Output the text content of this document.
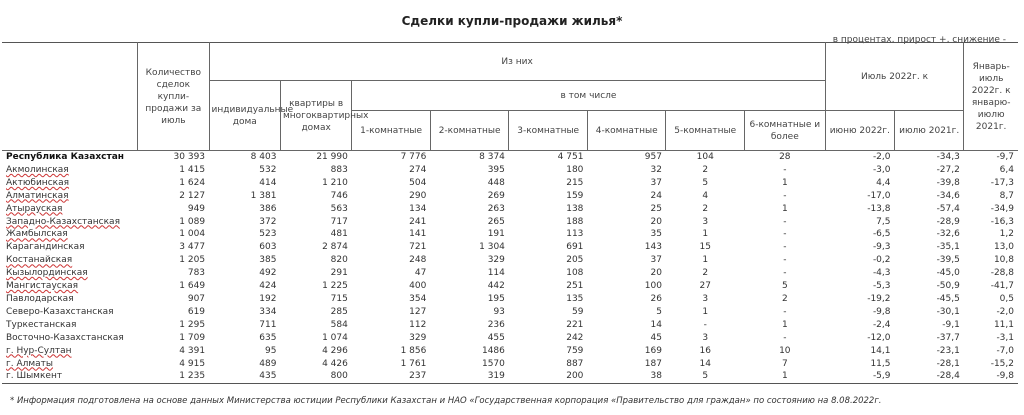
Сделки купли-продажи жилья*
в процентах, прирост +, снижение -
	Количество сделок купли-продажи за июль	Из них								Июль 2022г. к		Январь-июль 2022г. к январю-июлю 2021г.
		индивидуальные дома	квартиры в многоквартирных домах	в том числе								
				1-комнатные	2-комнатные	3-комнатные	4-комнатные	5-комнатные	6-комнатные и более	июню 2022г.	июлю 2021г.	
Республика Казахстан	30 393	8 403	21 990	7 776	8 374	4 751	957	104	28	-2,0	-34,3	-9,7
Акмолинская	1 415	532	883	274	395	180	32	2	-	-3,0	-27,2	6,4
Актюбинская	1 624	414	1 210	504	448	215	37	5	1	4,4	-39,8	-17,3
Алматинская	2 127	1 381	746	290	269	159	24	4	-	-17,0	-34,6	8,7
Атырауская	949	386	563	134	263	138	25	2	1	-13,8	-57,4	-34,9
Западно-Казахстанская	1 089	372	717	241	265	188	20	3	-	7,5	-28,9	-16,3
Жамбылская	1 004	523	481	141	191	113	35	1	-	-6,5	-32,6	1,2
Карагандинская	3 477	603	2 874	721	1 304	691	143	15	-	-9,3	-35,1	13,0
Костанайская	1 205	385	820	248	329	205	37	1	-	-0,2	-39,5	10,8
Кызылординская	783	492	291	47	114	108	20	2	-	-4,3	-45,0	-28,8
Мангистауская	1 649	424	1 225	400	442	251	100	27	5	-5,3	-50,9	-41,7
Павлодарская	907	192	715	354	195	135	26	3	2	-19,2	-45,5	0,5
Северо-Казахстанская	619	334	285	127	93	59	5	1	-	-9,8	-30,1	-2,0
Туркестанская	1 295	711	584	112	236	221	14	-	1	-2,4	-9,1	11,1
Восточно-Казахстанская	1 709	635	1 074	329	455	242	45	3	-	-12,0	-37,7	-3,1
г. Нур-Султан	4 391	95	4 296	1 856	1486	759	169	16	10	14,1	-23,1	-7,0
г. Алматы	4 915	489	4 426	1 761	1570	887	187	14	7	11,5	-28,1	-15,2
г. Шымкент	1 235	435	800	237	319	200	38	5	1	-5,9	-28,4	-9,8
* Информация подготовлена на основе данных Министерства юстиции Республики Казахстан и НАО «Государственная корпорация «Правительство для граждан» по состоянию на 8.08.2022г.
